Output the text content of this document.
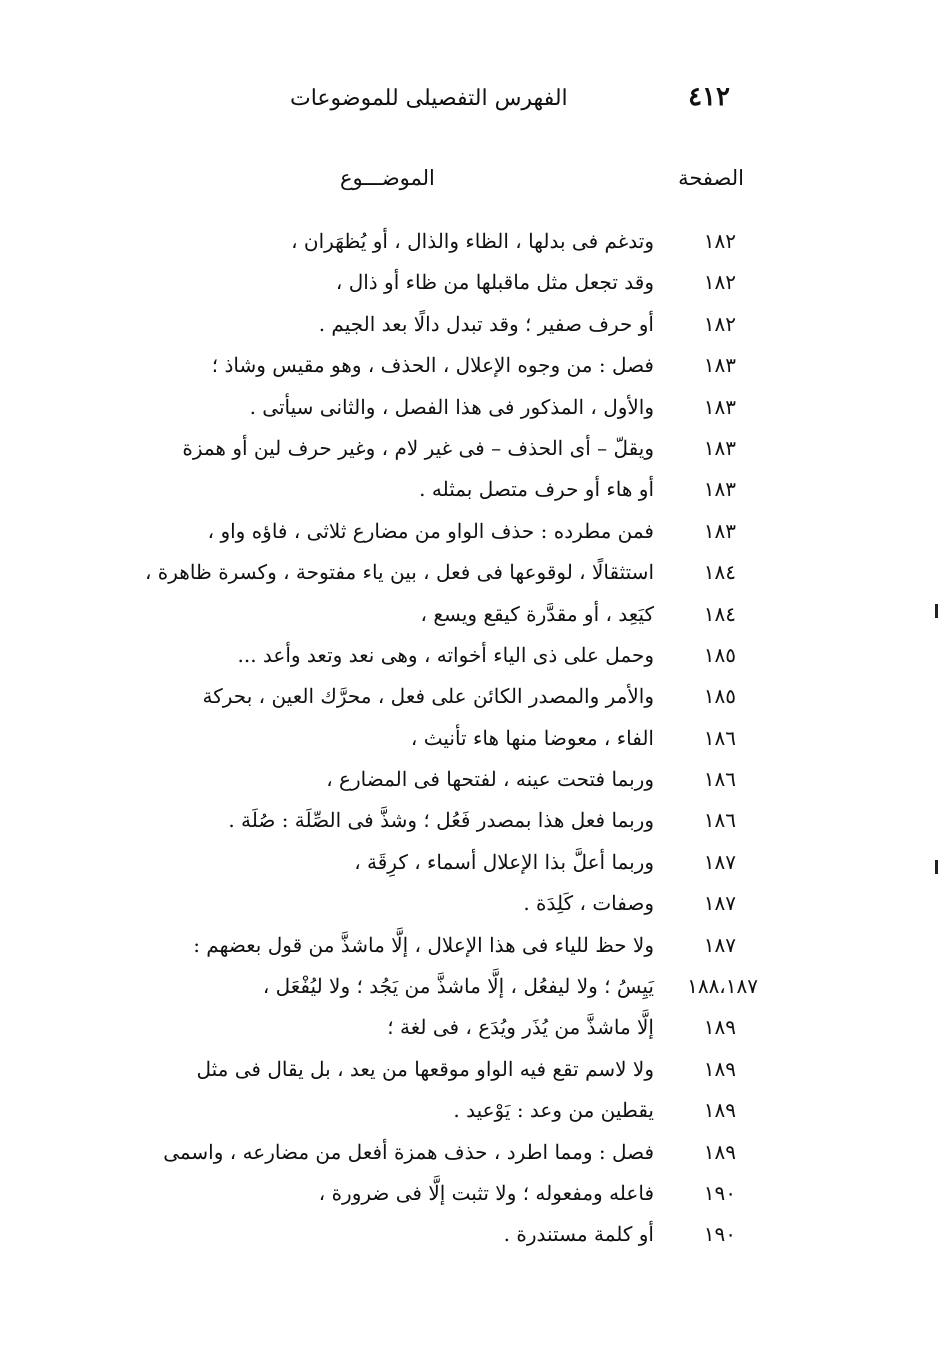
٤١٢
الفهرس التفصيلى للموضوعات
الصفحة
الموضـــوع
١٨٢
وتدغم فى بدلها ، الظاء والذال ، أو يُظهَران ،
١٨٢
وقد تجعل مثل ماقبلها من ظاء أو ذال ،
١٨٢
أو حرف صفير ؛ وقد تبدل دالًا بعد الجيم .
١٨٣
فصل : من وجوه الإعلال ، الحذف ، وهو مقيس وشاذ ؛
١٨٣
والأول ، المذكور فى هذا الفصل ، والثانى سيأتى .
١٨٣
ويقلّ – أى الحذف – فى غير لام ، وغير حرف لين أو همزة
١٨٣
أو هاء أو حرف متصل بمثله .
١٨٣
فمن مطرده : حذف الواو من مضارع ثلاثى ، فاؤه واو ،
١٨٤
استثقالًا ، لوقوعها فى فعل ، بين ياء مفتوحة ، وكسرة ظاهرة ،
١٨٤
كيَعِد ، أو مقدَّرة كيقع ويسع ،
١٨٥
وحمل على ذى الياء أخواته ، وهى نعد وتعد وأعد ...
١٨٥
والأمر والمصدر الكائن على فعل ، محرَّك العين ، بحركة
١٨٦
الفاء ، معوضا منها هاء تأنيث ،
١٨٦
وربما فتحت عينه ، لفتحها فى المضارع ،
١٨٦
وربما فعل هذا بمصدر فَعُل ؛ وشذَّ فى الصِّلَة : صُلَة .
١٨٧
وربما أعلَّ بذا الإعلال أسماء ، كرِقَة ،
١٨٧
وصفات ، كَلِدَة .
١٨٧
ولا حظ للياء فى هذا الإعلال ، إلَّا ماشذَّ من قول بعضهم :
١٨٨،١٨٧
يَيِسُ ؛ ولا ليفعُل ، إلَّا ماشذَّ من يَجُد ؛ ولا ليُفْعَل ،
١٨٩
إلَّا ماشذَّ من يُذَر ويُدَع ، فى لغة ؛
١٨٩
ولا لاسم تقع فيه الواو موقعها من يعد ، بل يقال فى مثل
١٨٩
يقطين من وعد : يَوْعيد .
١٨٩
فصل : ومما اطرد ، حذف همزة أفعل من مضارعه ، واسمى
١٩٠
فاعله ومفعوله ؛ ولا تثبت إلَّا فى ضرورة ،
١٩٠
أو كلمة مستندرة .
